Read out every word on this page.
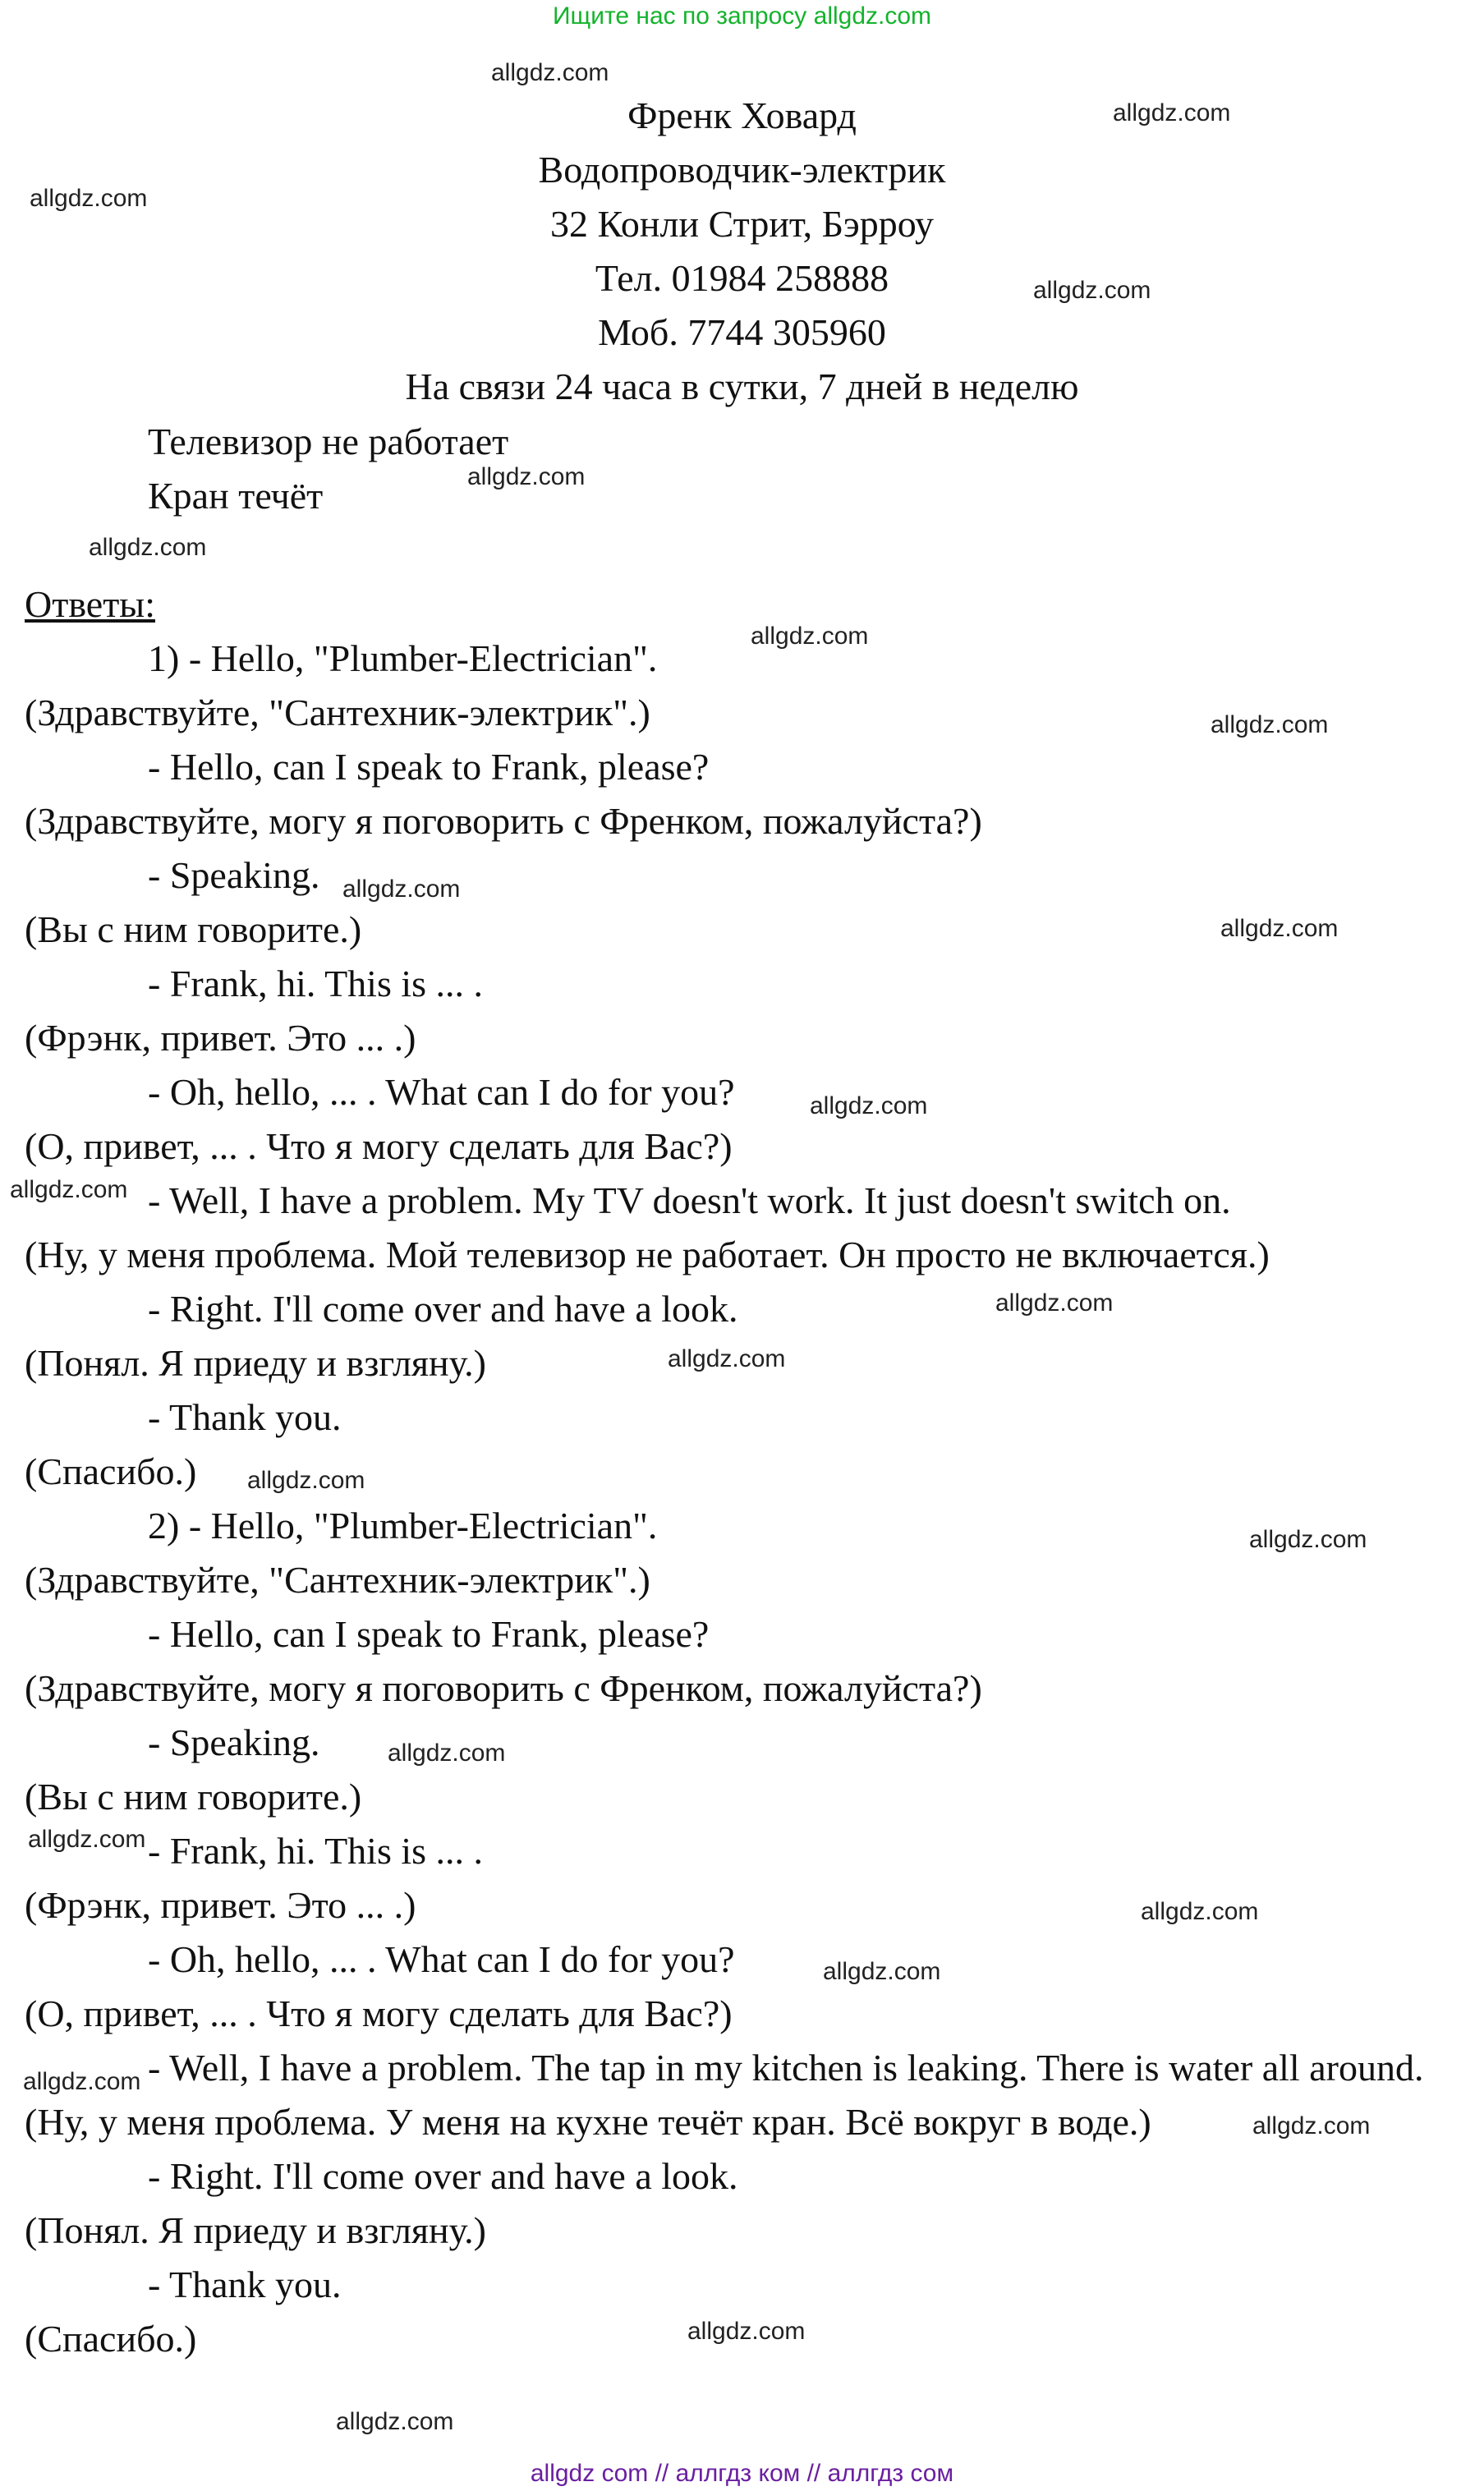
Ищите нас по запросу allgdz.com
Френк Ховард
Водопроводчик-электрик
32 Конли Стрит, Бэрроу
Тел. 01984 258888
Моб. 7744 305960
На связи 24 часа в сутки, 7 дней в неделю
Телевизор не работает
Кран течёт
Ответы:
1) - Hello, "Plumber-Electrician".
(Здравствуйте, "Сантехник-электрик".)
- Hello, can I speak to Frank, please?
(Здравствуйте, могу я поговорить с Френком, пожалуйста?)
- Speaking.
(Вы с ним говорите.)
- Frank, hi. This is ... .
(Фрэнк, привет. Это ... .)
- Oh, hello, ... . What can I do for you?
(О, привет, ... . Что я могу сделать для Вас?)
- Well, I have a problem. My TV doesn't work. It just doesn't switch on.
(Ну, у меня проблема. Мой телевизор не работает. Он просто не включается.)
- Right. I'll come over and have a look.
(Понял. Я приеду и взгляну.)
- Thank you.
(Спасибо.)
2) - Hello, "Plumber-Electrician".
(Здравствуйте, "Сантехник-электрик".)
- Hello, can I speak to Frank, please?
(Здравствуйте, могу я поговорить с Френком, пожалуйста?)
- Speaking.
(Вы с ним говорите.)
- Frank, hi. This is ... .
(Фрэнк, привет. Это ... .)
- Oh, hello, ... . What can I do for you?
(О, привет, ... . Что я могу сделать для Вас?)
- Well, I have a problem. The tap in my kitchen is leaking. There is water all around.
(Ну, у меня проблема. У меня на кухне течёт кран. Всё вокруг в воде.)
- Right. I'll come over and have a look.
(Понял. Я приеду и взгляну.)
- Thank you.
(Спасибо.)
allgdz.com
allgdz.com
allgdz.com
allgdz.com
allgdz.com
allgdz.com
allgdz.com
allgdz.com
allgdz.com
allgdz.com
allgdz.com
allgdz.com
allgdz.com
allgdz.com
allgdz.com
allgdz.com
allgdz.com
allgdz.com
allgdz.com
allgdz.com
allgdz.com
allgdz.com
allgdz.com
allgdz.com
allgdz com // аллгдз ком // аллгдз сом
